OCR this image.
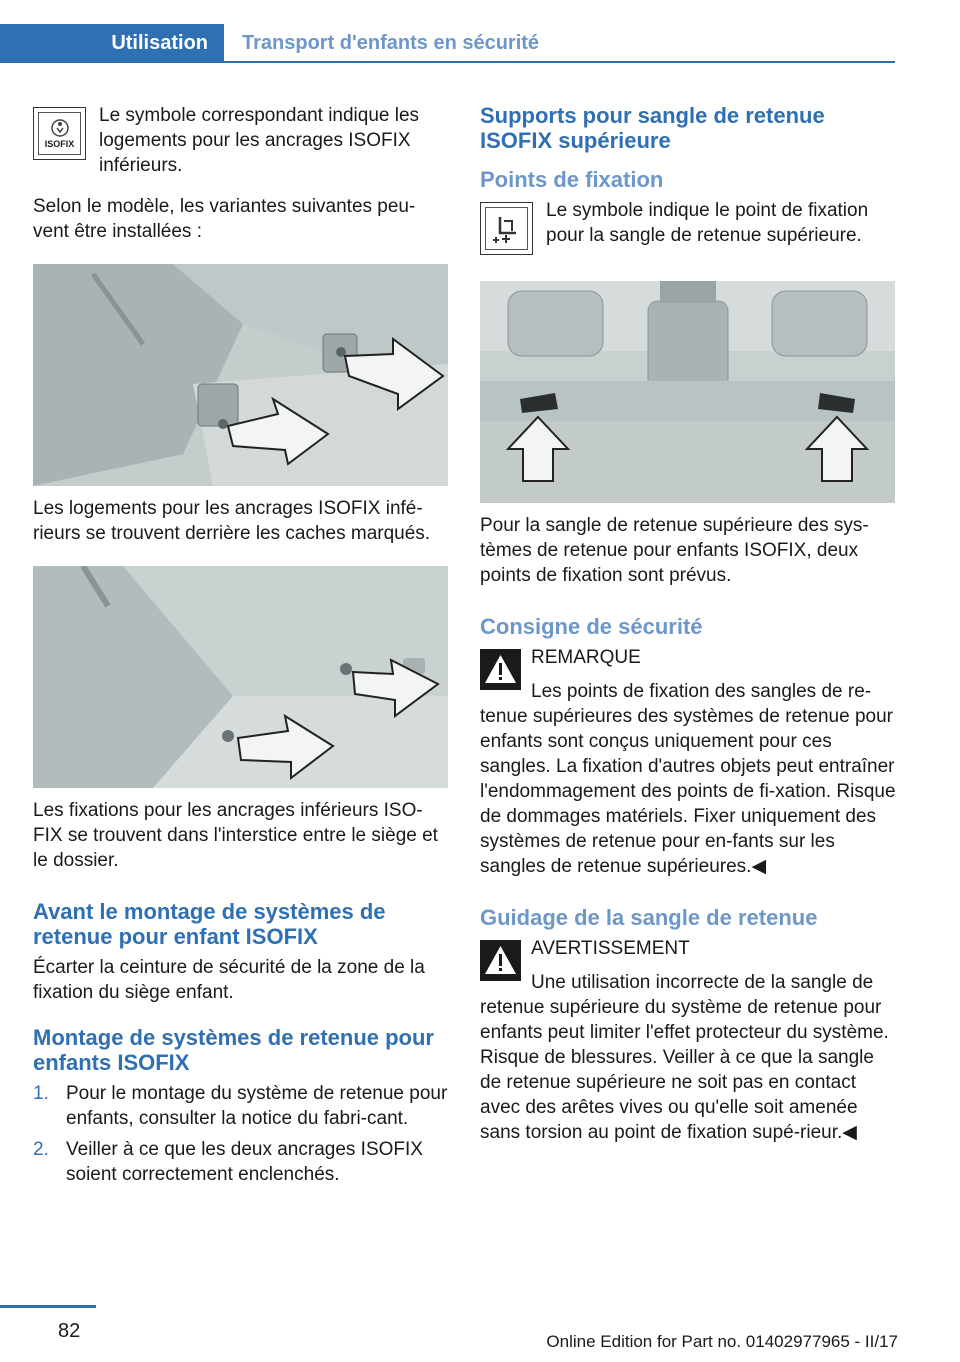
Utilisation	Transport d'enfants en sécurité
ISOFIX

Le symbole correspondant indique les logements pour les ancrages ISOFIX inférieurs.

Selon le modèle, les variantes suivantes peu-vent être installées :

Les logements pour les ancrages ISOFIX infé-rieurs se trouvent derrière les caches marqués.

Les fixations pour les ancrages inférieurs ISO-FIX se trouvent dans l'interstice entre le siège et le dossier.

Avant le montage de systèmes de retenue pour enfant ISOFIX

Écarter la ceinture de sécurité de la zone de la fixation du siège enfant.

Montage de systèmes de retenue pour enfants ISOFIX

1. Pour le montage du système de retenue pour enfants, consulter la notice du fabri-cant.
2. Veiller à ce que les deux ancrages ISOFIX soient correctement enclenchés.

Supports pour sangle de retenue ISOFIX supérieure

Points de fixation

Le symbole indique le point de fixation pour la sangle de retenue supérieure.

Pour la sangle de retenue supérieure des sys-tèmes de retenue pour enfants ISOFIX, deux points de fixation sont prévus.

Consigne de sécurité

REMARQUE

Les points de fixation des sangles de re-tenue supérieures des systèmes de retenue pour enfants sont conçus uniquement pour ces sangles. La fixation d'autres objets peut entraîner l'endommagement des points de fi-xation. Risque de dommages matériels. Fixer uniquement des systèmes de retenue pour en-fants sur les sangles de retenue supérieures.◀

Guidage de la sangle de retenue

AVERTISSEMENT

Une utilisation incorrecte de la sangle de retenue supérieure du système de retenue pour enfants peut limiter l'effet protecteur du système. Risque de blessures. Veiller à ce que la sangle de retenue supérieure ne soit pas en contact avec des arêtes vives ou qu'elle soit amenée sans torsion au point de fixation supé-rieur.◀

82	Online Edition for Part no. 01402977965 - II/17
